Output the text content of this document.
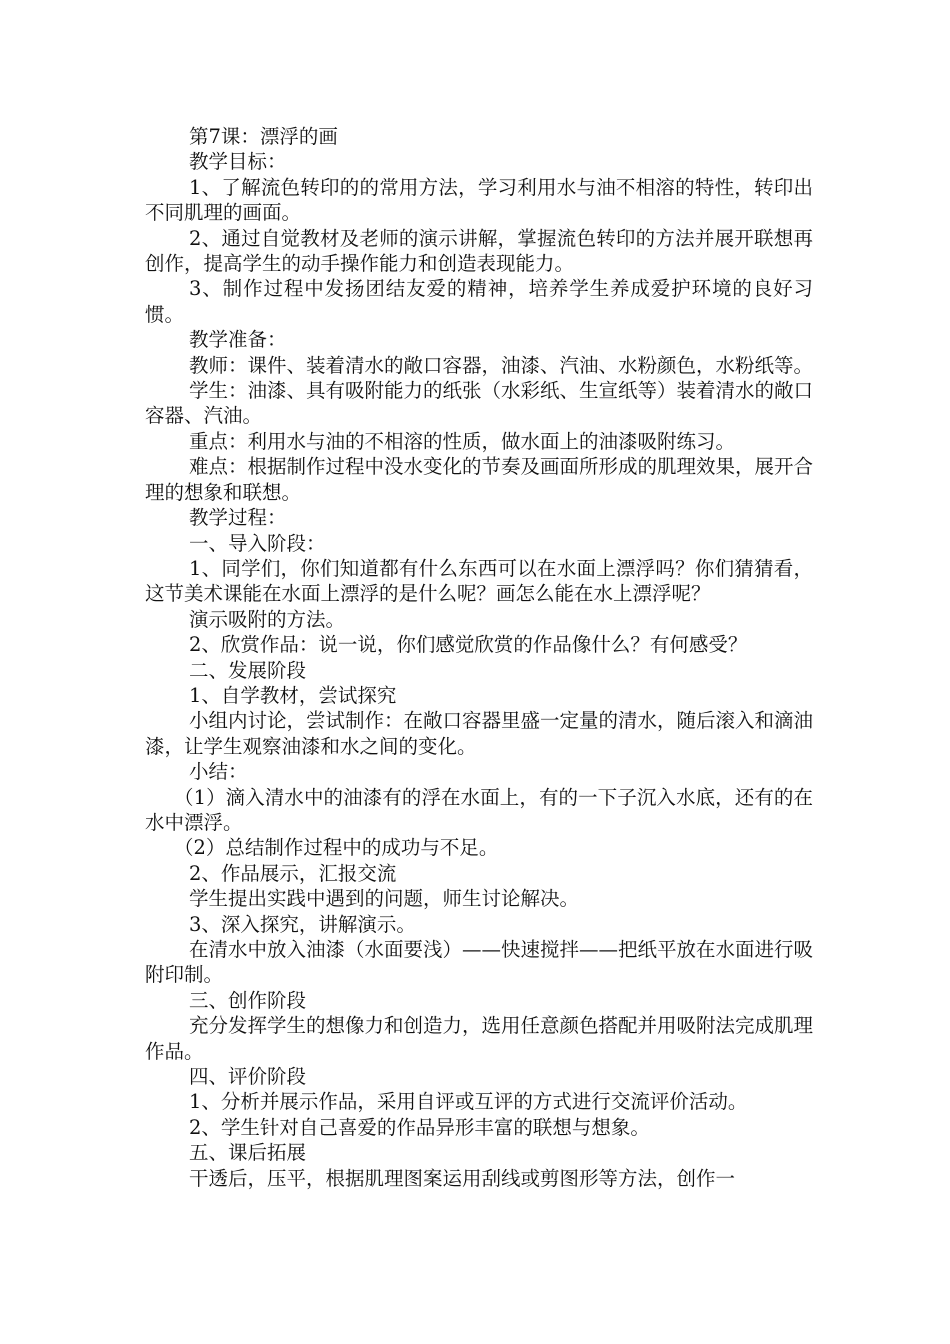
第7课：漂浮的画

教学目标：

1、了解流色转印的的常用方法，学习利用水与油不相溶的特性，转印出不同肌理的画面。

2、通过自觉教材及老师的演示讲解，掌握流色转印的方法并展开联想再创作，提高学生的动手操作能力和创造表现能力。

3、制作过程中发扬团结友爱的精神，培养学生养成爱护环境的良好习惯。

教学准备：

教师：课件、装着清水的敞口容器，油漆、汽油、水粉颜色，水粉纸等。

学生：油漆、具有吸附能力的纸张（水彩纸、生宣纸等）装着清水的敞口容器、汽油。

重点：利用水与油的不相溶的性质，做水面上的油漆吸附练习。

难点：根据制作过程中没水变化的节奏及画面所形成的肌理效果，展开合理的想象和联想。

教学过程：

一、导入阶段：

1、同学们，你们知道都有什么东西可以在水面上漂浮吗？你们猜猜看，这节美术课能在水面上漂浮的是什么呢？画怎么能在水上漂浮呢？

演示吸附的方法。

2、欣赏作品：说一说，你们感觉欣赏的作品像什么？有何感受？

二、发展阶段

1、自学教材，尝试探究

小组内讨论，尝试制作：在敞口容器里盛一定量的清水，随后滚入和滴油漆，让学生观察油漆和水之间的变化。

小结：

（1）滴入清水中的油漆有的浮在水面上，有的一下子沉入水底，还有的在水中漂浮。

（2）总结制作过程中的成功与不足。

2、作品展示，汇报交流

学生提出实践中遇到的问题，师生讨论解决。

3、深入探究，讲解演示。

在清水中放入油漆（水面要浅）——快速搅拌——把纸平放在水面进行吸附印制。

三、创作阶段

充分发挥学生的想像力和创造力，选用任意颜色搭配并用吸附法完成肌理作品。

四、评价阶段

1、分析并展示作品，采用自评或互评的方式进行交流评价活动。

2、学生针对自己喜爱的作品异形丰富的联想与想象。

五、课后拓展

干透后，压平，根据肌理图案运用刮线或剪图形等方法，创作一
